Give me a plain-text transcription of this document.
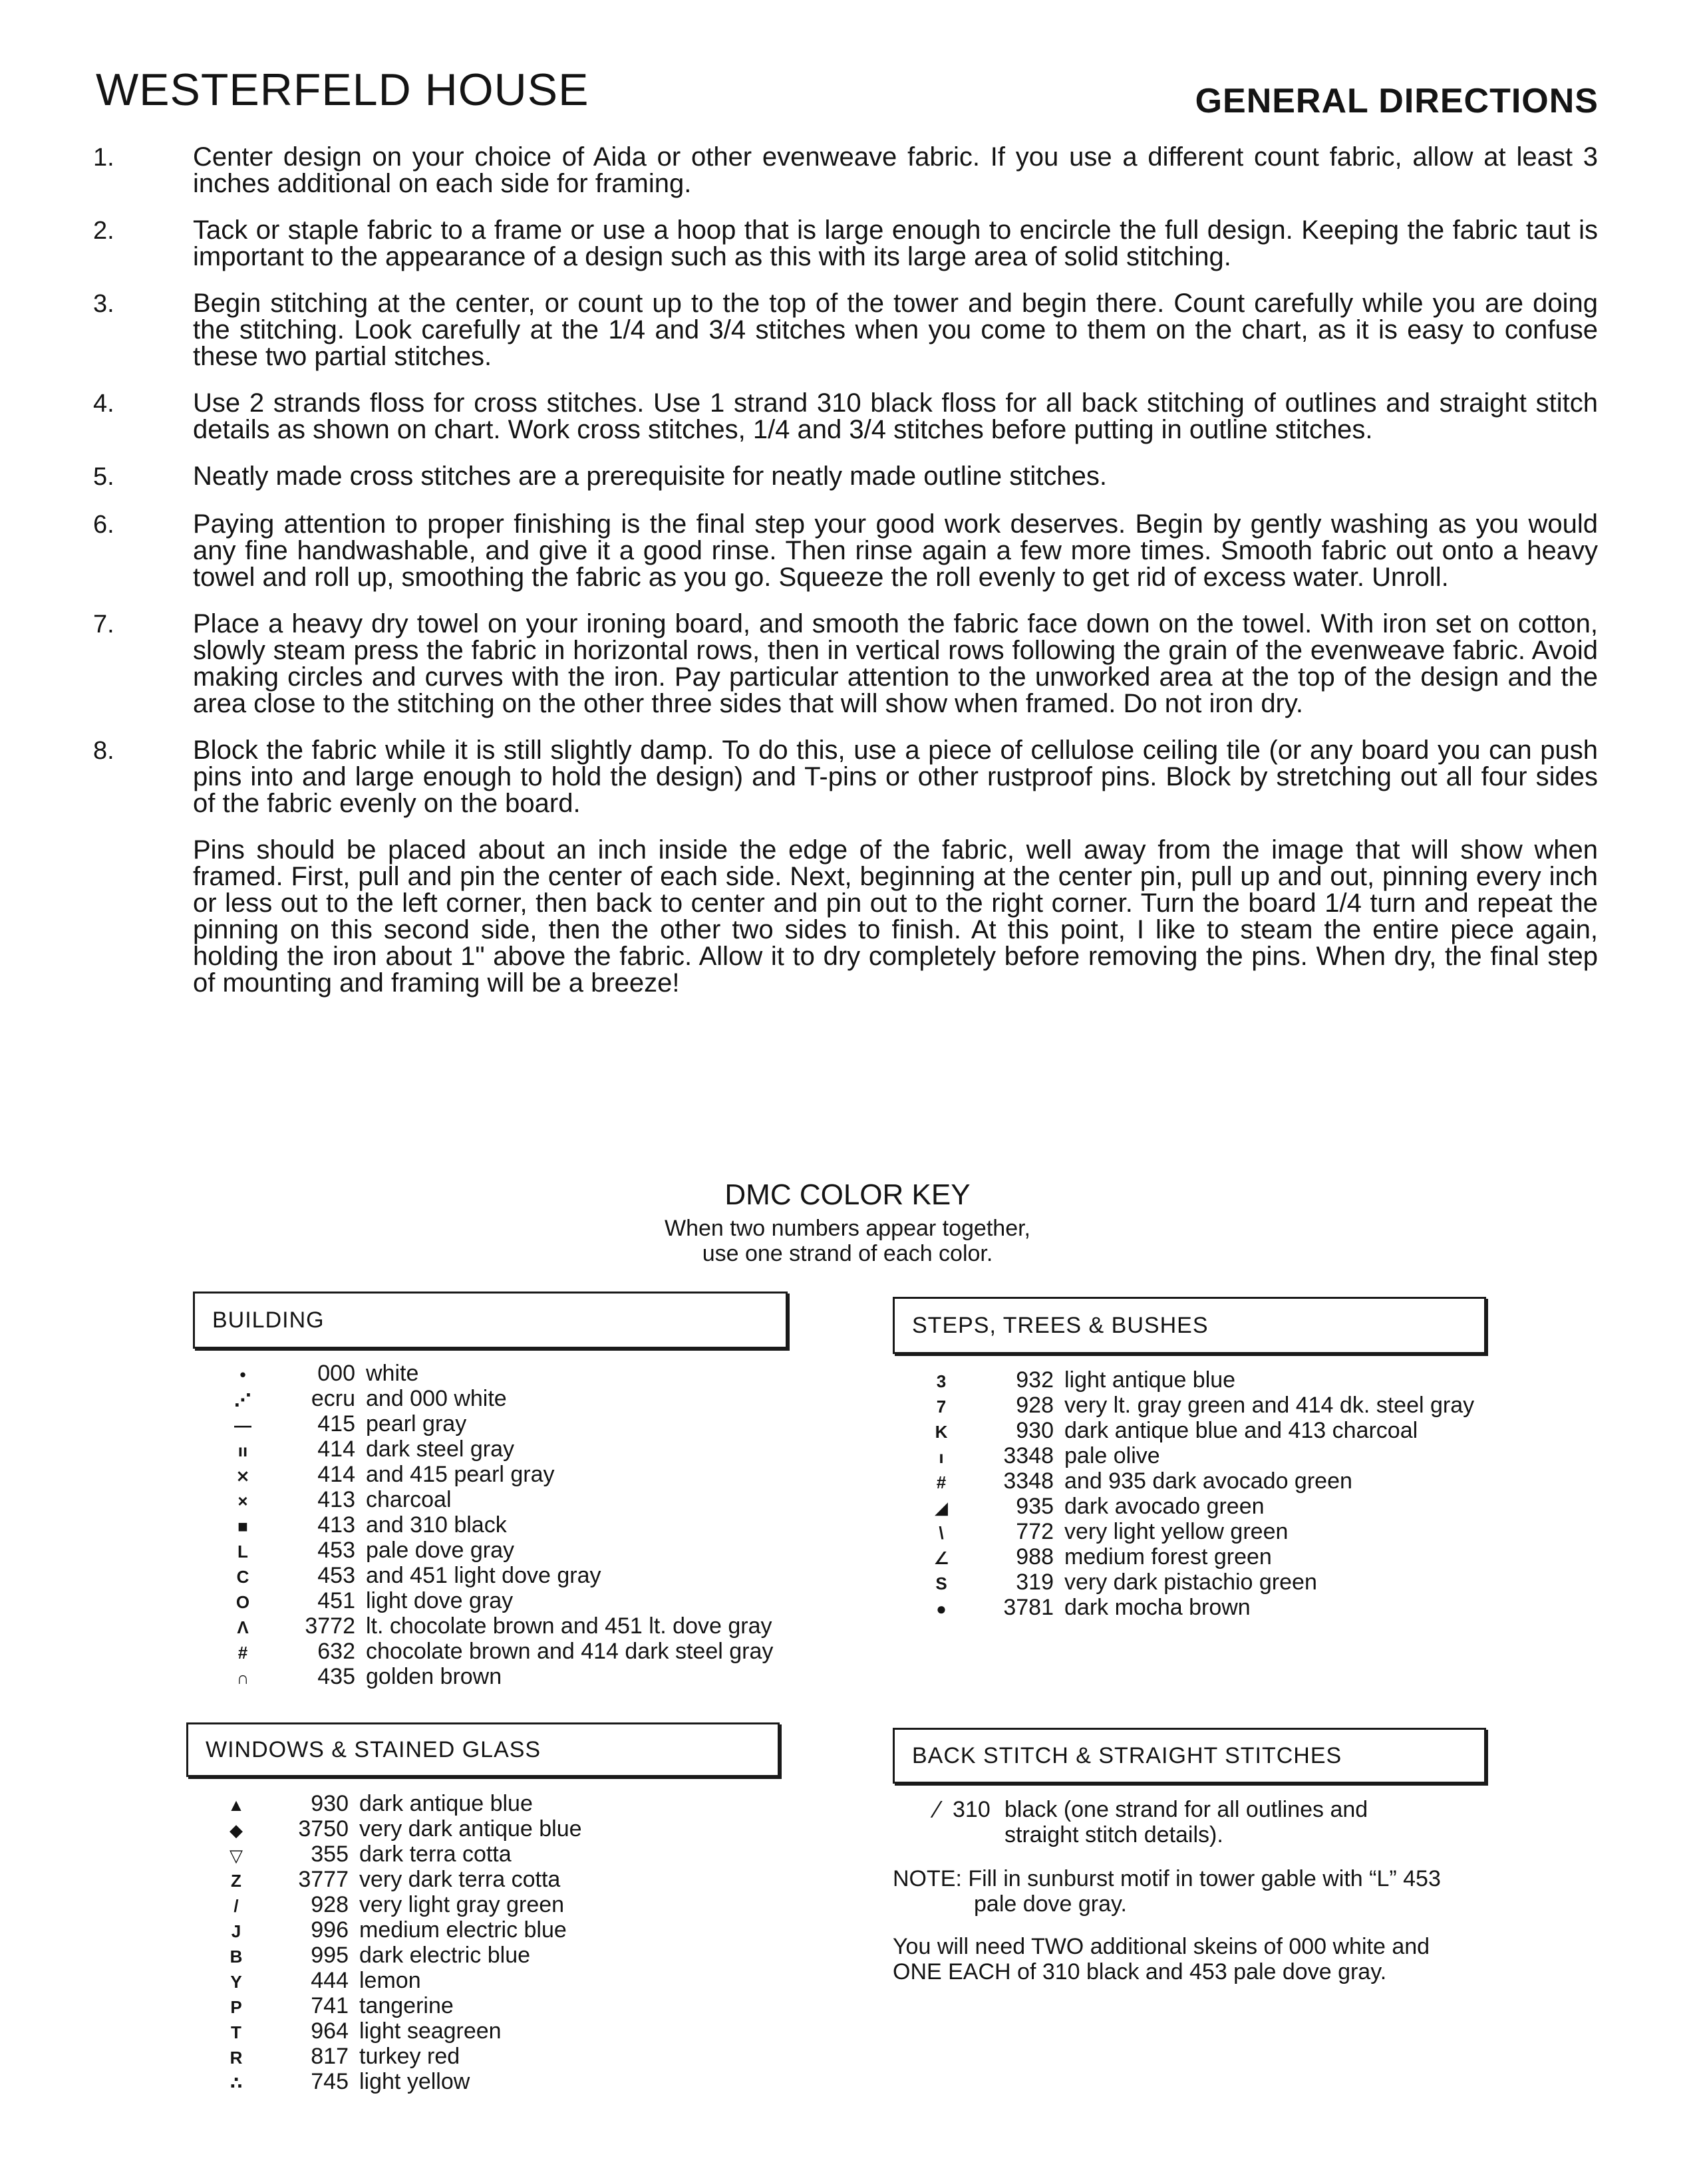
WESTERFELD HOUSE	GENERAL DIRECTIONS
1.	Center design on your choice of Aida or other evenweave fabric. If you use a different count fabric, allow at least 3 inches additional on each side for framing.
2.	Tack or staple fabric to a frame or use a hoop that is large enough to encircle the full design. Keeping the fabric taut is important to the appearance of a design such as this with its large area of solid stitching.
3.	Begin stitching at the center, or count up to the top of the tower and begin there. Count carefully while you are doing the stitching. Look carefully at the 1/4 and 3/4 stitches when you come to them on the chart, as it is easy to confuse these two partial stitches.
4.	Use 2 strands floss for cross stitches. Use 1 strand 310 black floss for all back stitching of outlines and straight stitch details as shown on chart. Work cross stitches, 1/4 and 3/4 stitches before putting in outline stitches.
5.	Neatly made cross stitches are a prerequisite for neatly made outline stitches.
6.	Paying attention to proper finishing is the final step your good work deserves. Begin by gently washing as you would any fine handwashable, and give it a good rinse. Then rinse again a few more times. Smooth fabric out onto a heavy towel and roll up, smoothing the fabric as you go. Squeeze the roll evenly to get rid of excess water. Unroll.
7.	Place a heavy dry towel on your ironing board, and smooth the fabric face down on the towel. With iron set on cotton, slowly steam press the fabric in horizontal rows, then in vertical rows following the grain of the evenweave fabric. Avoid making circles and curves with the iron. Pay particular attention to the unworked area at the top of the design and the area close to the stitching on the other three sides that will show when framed. Do not iron dry.
8.	Block the fabric while it is still slightly damp. To do this, use a piece of cellulose ceiling tile (or any board you can push pins into and large enough to hold the design) and T-pins or other rustproof pins. Block by stretching out all four sides of the fabric evenly on the board.
Pins should be placed about an inch inside the edge of the fabric, well away from the image that will show when framed. First, pull and pin the center of each side. Next, beginning at the center pin, pull up and out, pinning every inch or less out to the left corner, then back to center and pin out to the right corner. Turn the board 1/4 turn and repeat the pinning on this second side, then the other two sides to finish. At this point, I like to steam the entire piece again, holding the iron about 1" above the fabric. Allow it to dry completely before removing the pins. When dry, the final step of mounting and framing will be a breeze!
DMC COLOR KEY
When two numbers appear together,
use one strand of each color.
BUILDING
•	000 white
⋰	ecru and 000 white
—	415 pearl gray
ıı	414 dark steel gray
⨯	414 and 415 pearl gray
×	413 charcoal
■	413 and 310 black
L	453 pale dove gray
C	453 and 451 light dove gray
O	451 light dove gray
Λ	3772 lt. chocolate brown and 451 lt. dove gray
#	632 chocolate brown and 414 dark steel gray
∩	435 golden brown
STEPS, TREES & BUSHES
3	932 light antique blue
7	928 very lt. gray green and 414 dk. steel gray
K	930 dark antique blue and 413 charcoal
ı	3348 pale olive
#	3348 and 935 dark avocado green
◢	935 dark avocado green
\	772 very light yellow green
∠	988 medium forest green
S	319 very dark pistachio green
●	3781 dark mocha brown
WINDOWS & STAINED GLASS
▲	930 dark antique blue
◆	3750 very dark antique blue
▽	355 dark terra cotta
Z	3777 very dark terra cotta
/	928 very light gray green
J	996 medium electric blue
B	995 dark electric blue
Y	444 lemon
P	741 tangerine
T	964 light seagreen
R	817 turkey red
∴	745 light yellow
BACK STITCH & STRAIGHT STITCHES
⁄ 310 black (one strand for all outlines and
straight stitch details).
NOTE: Fill in sunburst motif in tower gable with “L” 453
pale dove gray.
You will need TWO additional skeins of 000 white and
ONE EACH of 310 black and 453 pale dove gray.
